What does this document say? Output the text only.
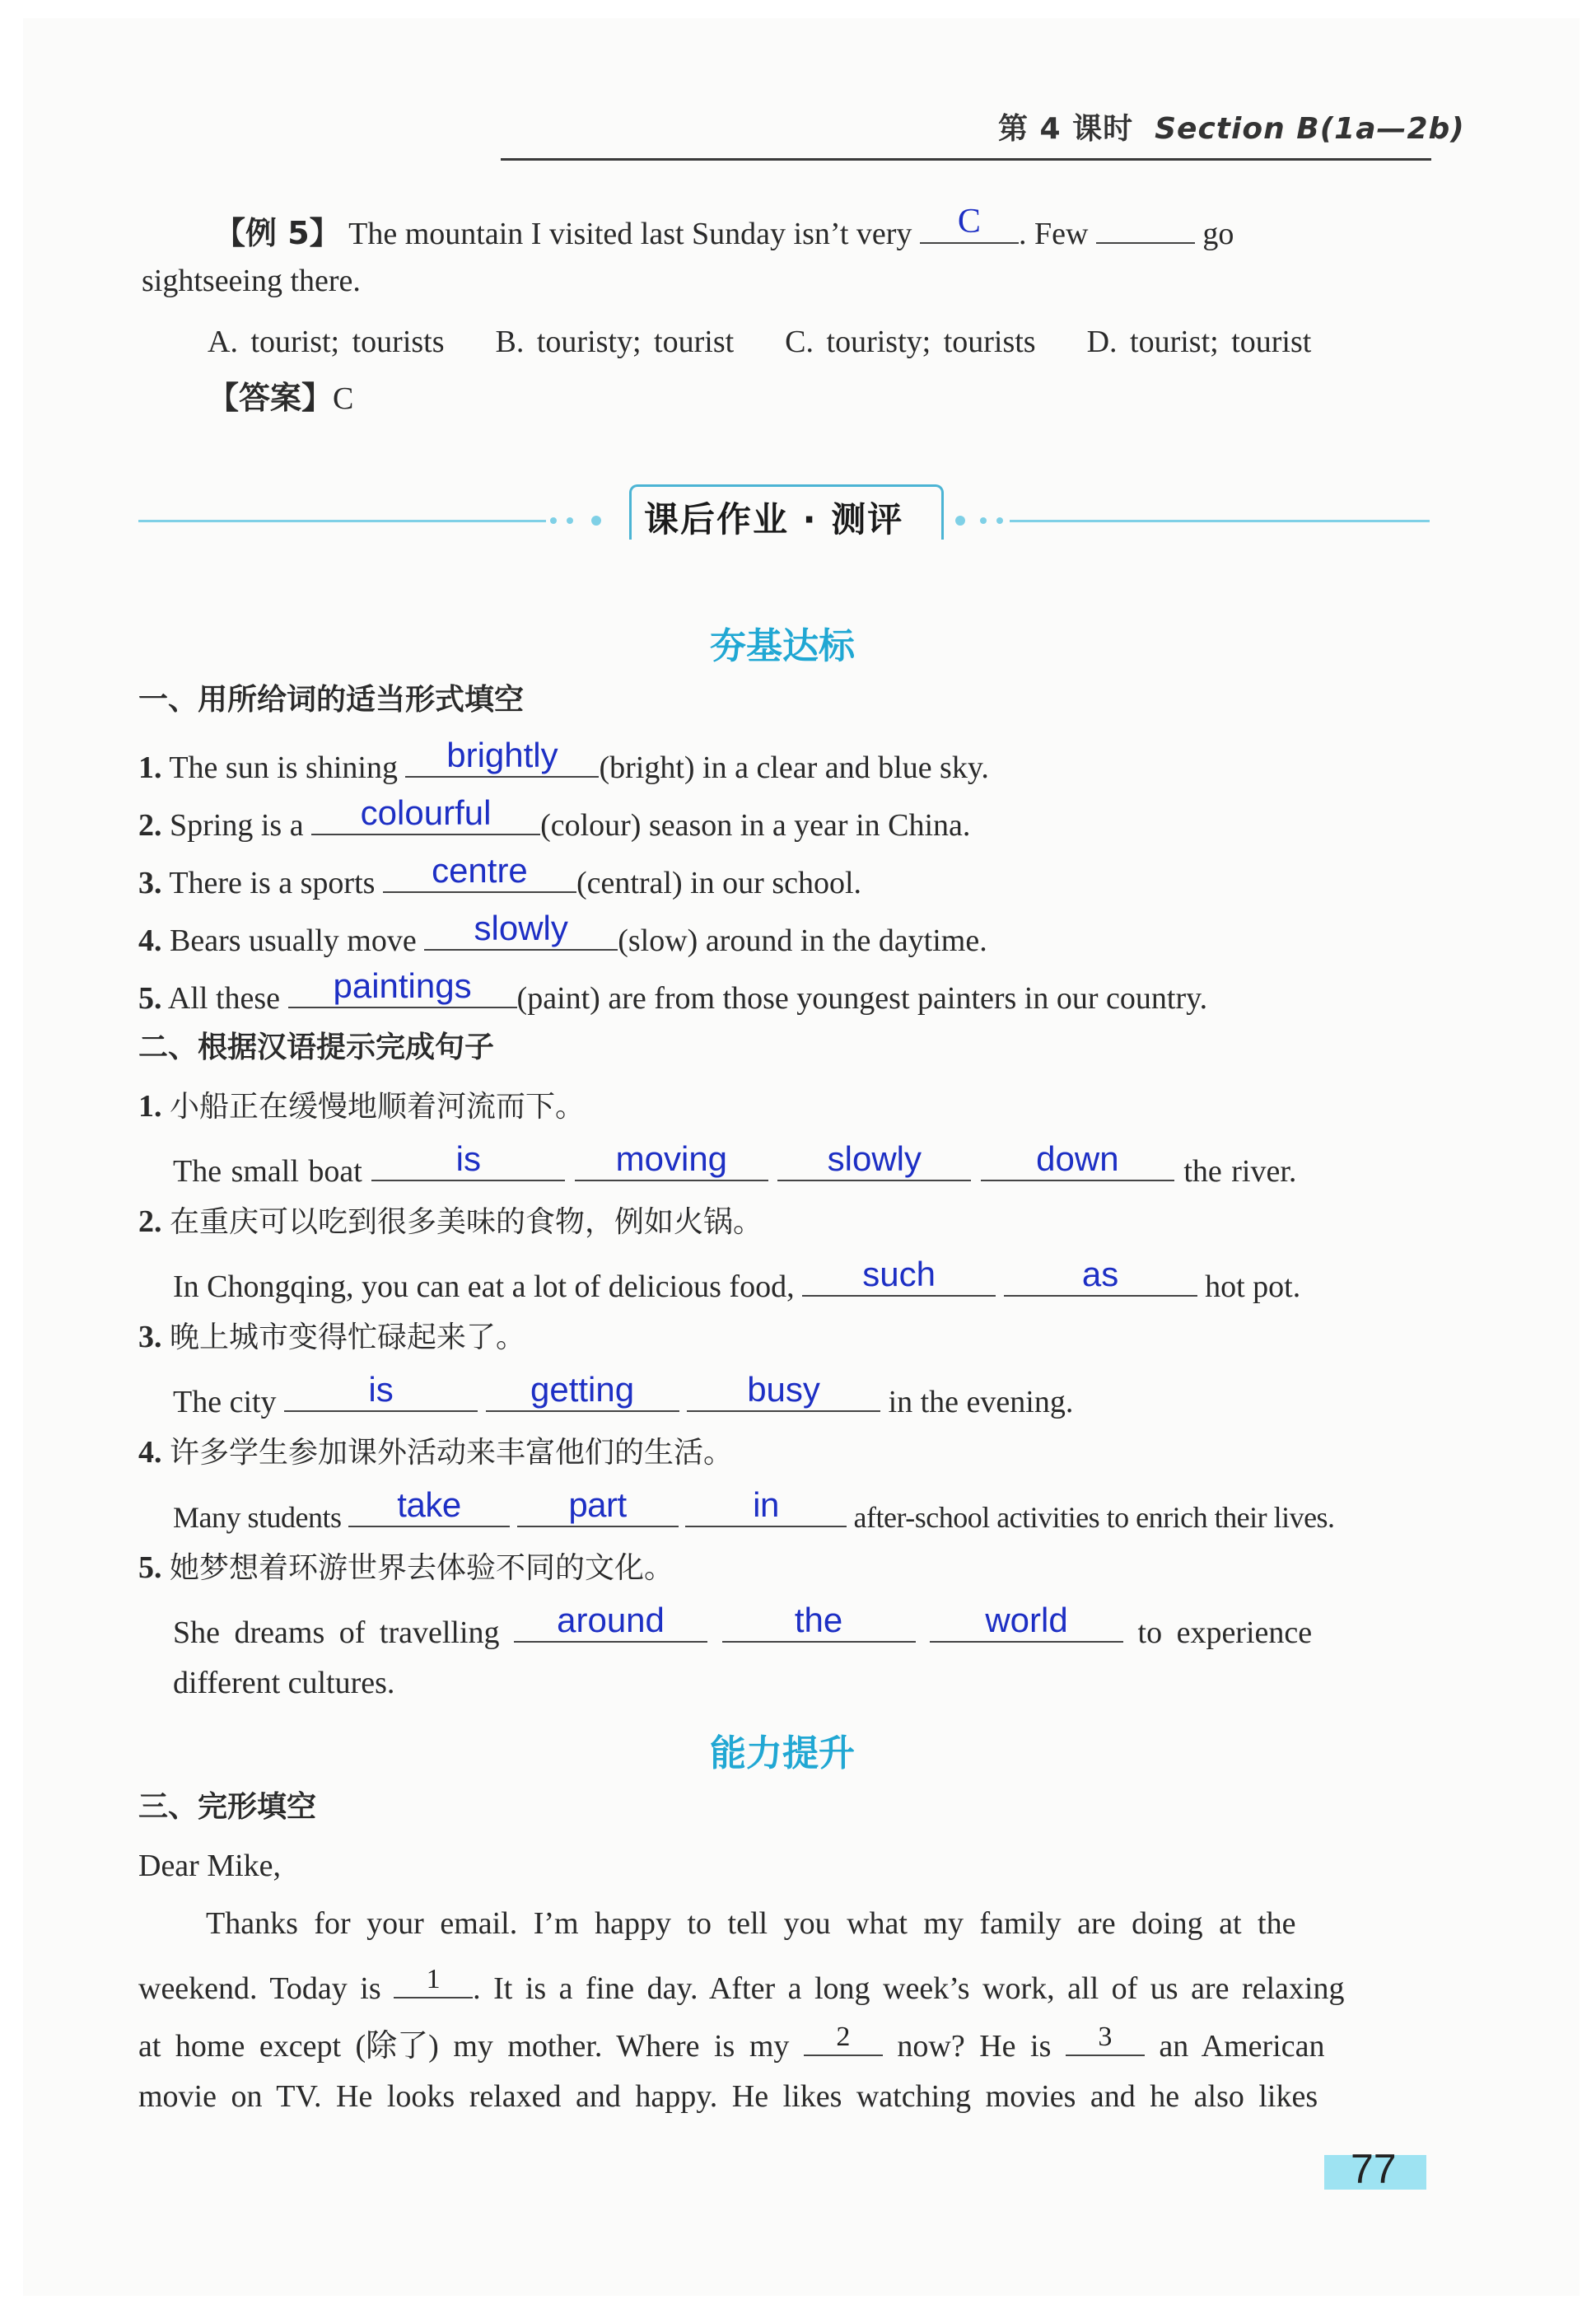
第 4 课时 Section B(1a—2b)
【例 5】 The mountain I visited last Sunday isn’t very	C	. Few	go
sightseeing there.
A. tourist; tourists B. touristy; tourist C. touristy; tourists D. tourist; tourist
【答案】C
课后作业 · 测评
夯基达标
一、用所给词的适当形式填空
1. The sun is shining	brightly	(bright) in a clear and blue sky.
2. Spring is a	colourful	(colour) season in a year in China.
3. There is a sports	centre	(central) in our school.
4. Bears usually move	slowly	(slow) around in the daytime.
5. All these	paintings	(paint) are from those youngest painters in our country.
二、根据汉语提示完成句子
1. 小船正在缓慢地顺着河流而下。
The small boat	is
	moving
	slowly
	down	the river.
2. 在重庆可以吃到很多美味的食物，例如火锅。
In Chongqing, you can eat a lot of delicious food,	such
	as	hot pot.
3. 晚上城市变得忙碌起来了。
The city	is
	getting
	busy	in the evening.
4. 许多学生参加课外活动来丰富他们的生活。
Many students	take
	part
	in	after-school activities to enrich their lives.
5. 她梦想着环游世界去体验不同的文化。
She dreams of travelling	around
	the
	world	to experience
different cultures.
能力提升
三、完形填空
Dear Mike,
Thanks for your email. I’m happy to tell you what my family are doing at the
weekend. Today is	1	. It is a fine day. After a long week’s work, all of us are relaxing
at home except (除了) my mother. Where is my	2	now? He is	3	an American
movie on TV. He looks relaxed and happy. He likes watching movies and he also likes
77
